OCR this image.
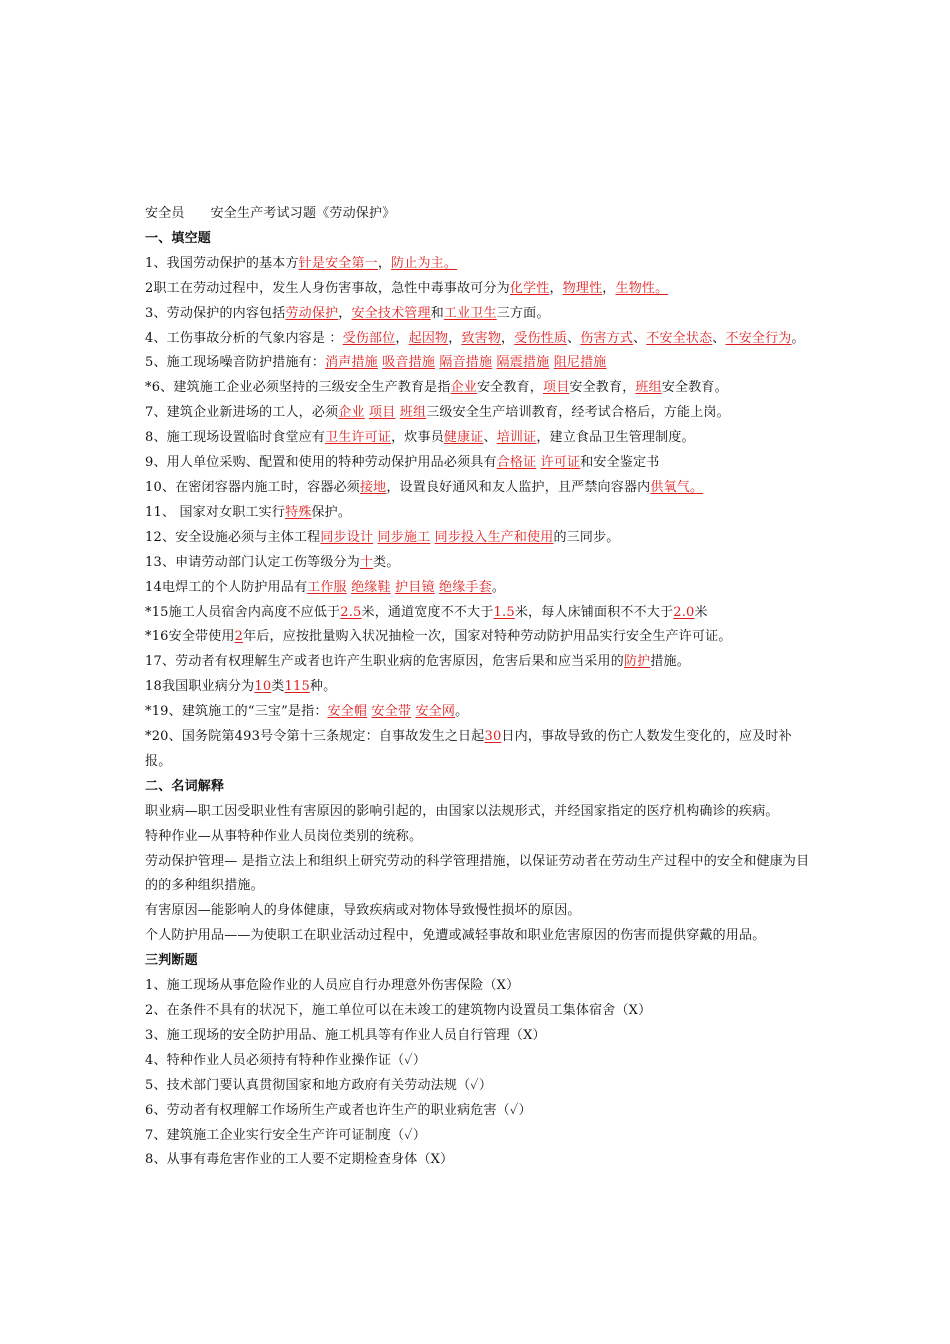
安全员 安全生产考试习题《劳动保护》
一、填空题
1、我国劳动保护的基本方针是安全第一，防止为主。
2职工在劳动过程中，发生人身伤害事故，急性中毒事故可分为化学性，物理性，生物性。
3、劳动保护的内容包括劳动保护，安全技术管理和工业卫生三方面。
4、工伤事故分析的气象内容是 ：受伤部位，起因物，致害物，受伤性质、伤害方式、不安全状态、不安全行为。
5、施工现场噪音防护措施有：消声措施 吸音措施 隔音措施 隔震措施 阻尼措施
*6、建筑施工企业必须坚持的三级安全生产教育是指企业安全教育，项目安全教育，班组安全教育。
7、建筑企业新进场的工人，必须企业 项目 班组三级安全生产培训教育，经考试合格后，方能上岗。
8、施工现场设置临时食堂应有卫生许可证，炊事员健康证、培训证，建立食品卫生管理制度。
9、用人单位采购、配置和使用的特种劳动保护用品必须具有合格证 许可证和安全鉴定书
10、在密闭容器内施工时，容器必须接地，设置良好通风和友人监护，且严禁向容器内供氧气。
11、 国家对女职工实行特殊保护。
12、安全设施必须与主体工程同步设计 同步施工 同步投入生产和使用的三同步。
13、申请劳动部门认定工伤等级分为十类。
14电焊工的个人防护用品有工作服 绝缘鞋 护目镜 绝缘手套。
*15施工人员宿舍内高度不应低于2.5米，通道宽度不不大于1.5米，每人床铺面积不不大于2.0米
*16安全带使用2年后，应按批量购入状况抽检一次，国家对特种劳动防护用品实行安全生产许可证。
17、劳动者有权理解生产或者也许产生职业病的危害原因，危害后果和应当采用的防护措施。
18我国职业病分为10类115种。
*19、建筑施工的“三宝”是指：安全帽 安全带 安全网。
*20、国务院第493号令第十三条规定：自事故发生之日起30日内，事故导致的伤亡人数发生变化的，应及时补报。
二、名词解释
职业病—职工因受职业性有害原因的影响引起的，由国家以法规形式，并经国家指定的医疗机构确诊的疾病。
特种作业—从事特种作业人员岗位类别的统称。
劳动保护管理— 是指立法上和组织上研究劳动的科学管理措施，以保证劳动者在劳动生产过程中的安全和健康为目的的多种组织措施。
有害原因—能影响人的身体健康，导致疾病或对物体导致慢性损坏的原因。
个人防护用品——为使职工在职业活动过程中，免遭或减轻事故和职业危害原因的伤害而提供穿戴的用品。
三判断题
1、施工现场从事危险作业的人员应自行办理意外伤害保险（X）
2、在条件不具有的状况下，施工单位可以在未竣工的建筑物内设置员工集体宿舍（X）
3、施工现场的安全防护用品、施工机具等有作业人员自行管理（X）
4、特种作业人员必须持有特种作业操作证（✓）
5、技术部门要认真贯彻国家和地方政府有关劳动法规（✓）
6、劳动者有权理解工作场所生产或者也许生产的职业病危害（✓）
7、建筑施工企业实行安全生产许可证制度（✓）
8、从事有毒危害作业的工人要不定期检查身体（X）
